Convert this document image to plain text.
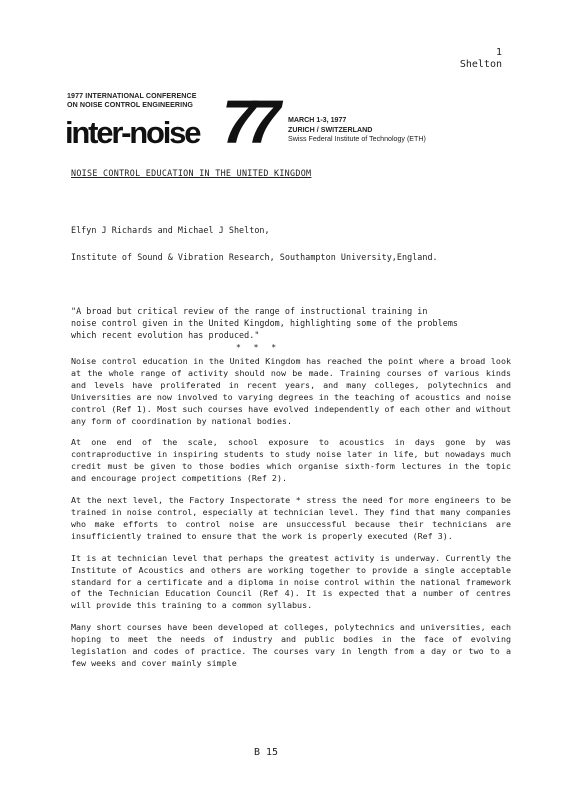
1
Shelton
1977 INTERNATIONAL CONFERENCE
ON NOISE CONTROL ENGINEERING
inter-noise 77 MARCH 1-3, 1977
ZURICH / SWITZERLAND
Swiss Federal Institute of Technology (ETH)
NOISE CONTROL EDUCATION IN THE UNITED KINGDOM
Elfyn J Richards and Michael J Shelton,
Institute of Sound & Vibration Research, Southampton University,England.
"A broad but critical review of the range of instructional training in
noise control given in the United Kingdom, highlighting some of the problems
which recent evolution has produced."
* * *

Noise control education in the United Kingdom has reached the point where a broad look at the whole range of activity should now be made. Training courses of various kinds and levels have proliferated in recent years, and many colleges, polytechnics and Universities are now involved to varying degrees in the teaching of acoustics and noise control (Ref 1). Most such courses have evolved independently of each other and without any form of coordination by national bodies.

At one end of the scale, school exposure to acoustics in days gone by was contraproductive in inspiring students to study noise later in life, but nowadays much credit must be given to those bodies which organise sixth-form lectures in the topic and encourage project competitions (Ref 2).

At the next level, the Factory Inspectorate * stress the need for more engineers to be trained in noise control, especially at technician level. They find that many companies who make efforts to control noise are unsuccessful because their technicians are insufficiently trained to ensure that the work is properly executed (Ref 3).

It is at technician level that perhaps the greatest activity is underway. Currently the Institute of Acoustics and others are working together to provide a single acceptable standard for a certificate and a diploma in noise control within the national framework of the Technician Education Council (Ref 4). It is expected that a number of centres will provide this training to a common syllabus.

Many short courses have been developed at colleges, polytechnics and universities, each hoping to meet the needs of industry and public bodies in the face of evolving legislation and codes of practice. The courses vary in length from a day or two to a few weeks and cover mainly simple

B 15
